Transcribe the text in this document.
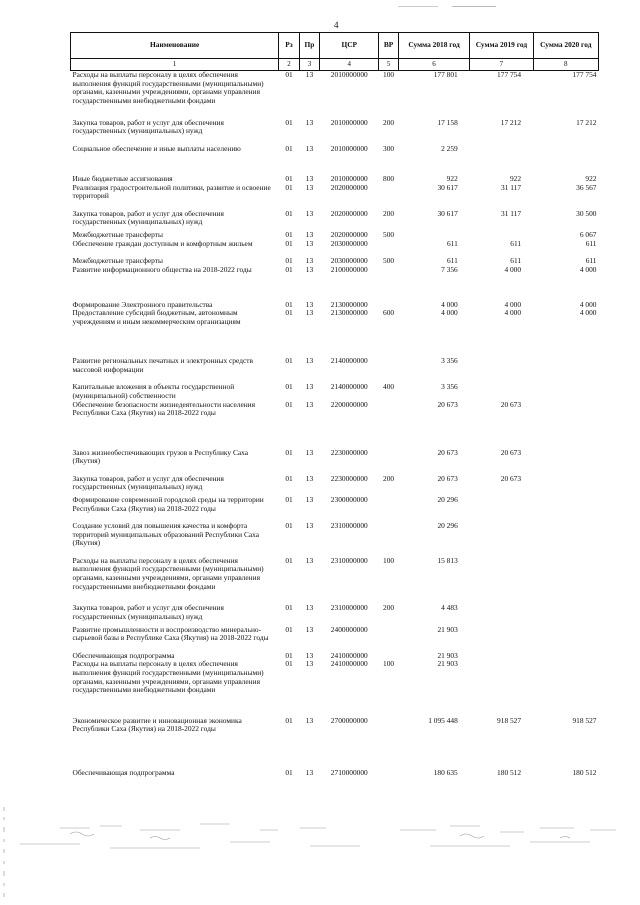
4
Наименование	Рз	Пр	ЦСР	ВР	Сумма 2018 год	Сумма 2019 год	Сумма 2020 год
1	2	3	4	5	6	7	8
Расходы на выплаты персоналу в целях обеспечения выполнения функций государственными (муниципальными) органами, казенными учреждениями, органами управления государственными внебюджетными фондами	01	13	2010000000	100	177 801	177 754	177 754
Закупка товаров, работ и услуг для обеспечения государственных (муниципальных) нужд	01	13	2010000000	200	17 158	17 212	17 212
Социальное обеспечение и иные выплаты населению	01	13	2010000000	300	2 259		
Иные бюджетные ассигнования	01	13	2010000000	800	922	922	922
Реализация градостроительной политики, развитие и освоение территорий	01	13	2020000000		30 617	31 117	36 567
Закупка товаров, работ и услуг для обеспечения государственных (муниципальных) нужд	01	13	2020000000	200	30 617	31 117	30 500
Межбюджетные трансферты	01	13	2020000000	500			6 067
Обеспечение граждан доступным и комфортным жильем	01	13	2030000000		611	611	611
Межбюджетные трансферты	01	13	2030000000	500	611	611	611
Развитие информационного общества на 2018-2022 годы	01	13	2100000000		7 356	4 000	4 000
Формирование Электронного правительства	01	13	2130000000		4 000	4 000	4 000
Предоставление субсидий бюджетным, автономным учреждениям и иным некоммерческим организациям	01	13	2130000000	600	4 000	4 000	4 000
Развитие региональных печатных и электронных средств массовой информации	01	13	2140000000		3 356		
Капитальные вложения в объекты государственной (муниципальной) собственности	01	13	2140000000	400	3 356		
Обеспечение безопасности жизнедеятельности населения Республики Саха (Якутия) на 2018-2022 годы	01	13	2200000000		20 673	20 673	
Завоз жизнеобеспечивающих грузов в Республику Саха (Якутия)	01	13	2230000000		20 673	20 673	
Закупка товаров, работ и услуг для обеспечения государственных (муниципальных) нужд	01	13	2230000000	200	20 673	20 673	
Формирование современной городской среды на территории Республики Саха (Якутия) на 2018-2022 годы	01	13	2300000000		20 296		
Создание условий для повышения качества и комфорта территорий муниципальных образований Республики Саха (Якутия)	01	13	2310000000		20 296		
Расходы на выплаты персоналу в целях обеспечения выполнения функций государственными (муниципальными) органами, казенными учреждениями, органами управления государственными внебюджетными фондами	01	13	2310000000	100	15 813		
Закупка товаров, работ и услуг для обеспечения государственных (муниципальных) нужд	01	13	2310000000	200	4 483		
Развитие промышленности и воспроизводство минерально-сырьевой базы в Республике Саха (Якутия) на 2018-2022 годы	01	13	2400000000		21 903		
Обеспечивающая подпрограмма	01	13	2410000000		21 903		
Расходы на выплаты персоналу в целях обеспечения выполнения функций государственными (муниципальными) органами, казенными учреждениями, органами управления государственными внебюджетными фондами	01	13	2410000000	100	21 903		
Экономическое развитие и инновационная экономика Республики Саха (Якутия) на 2018-2022 годы	01	13	2700000000		1 095 448	918 527	918 527
Обеспечивающая подпрограмма	01	13	2710000000		180 635	180 512	180 512
